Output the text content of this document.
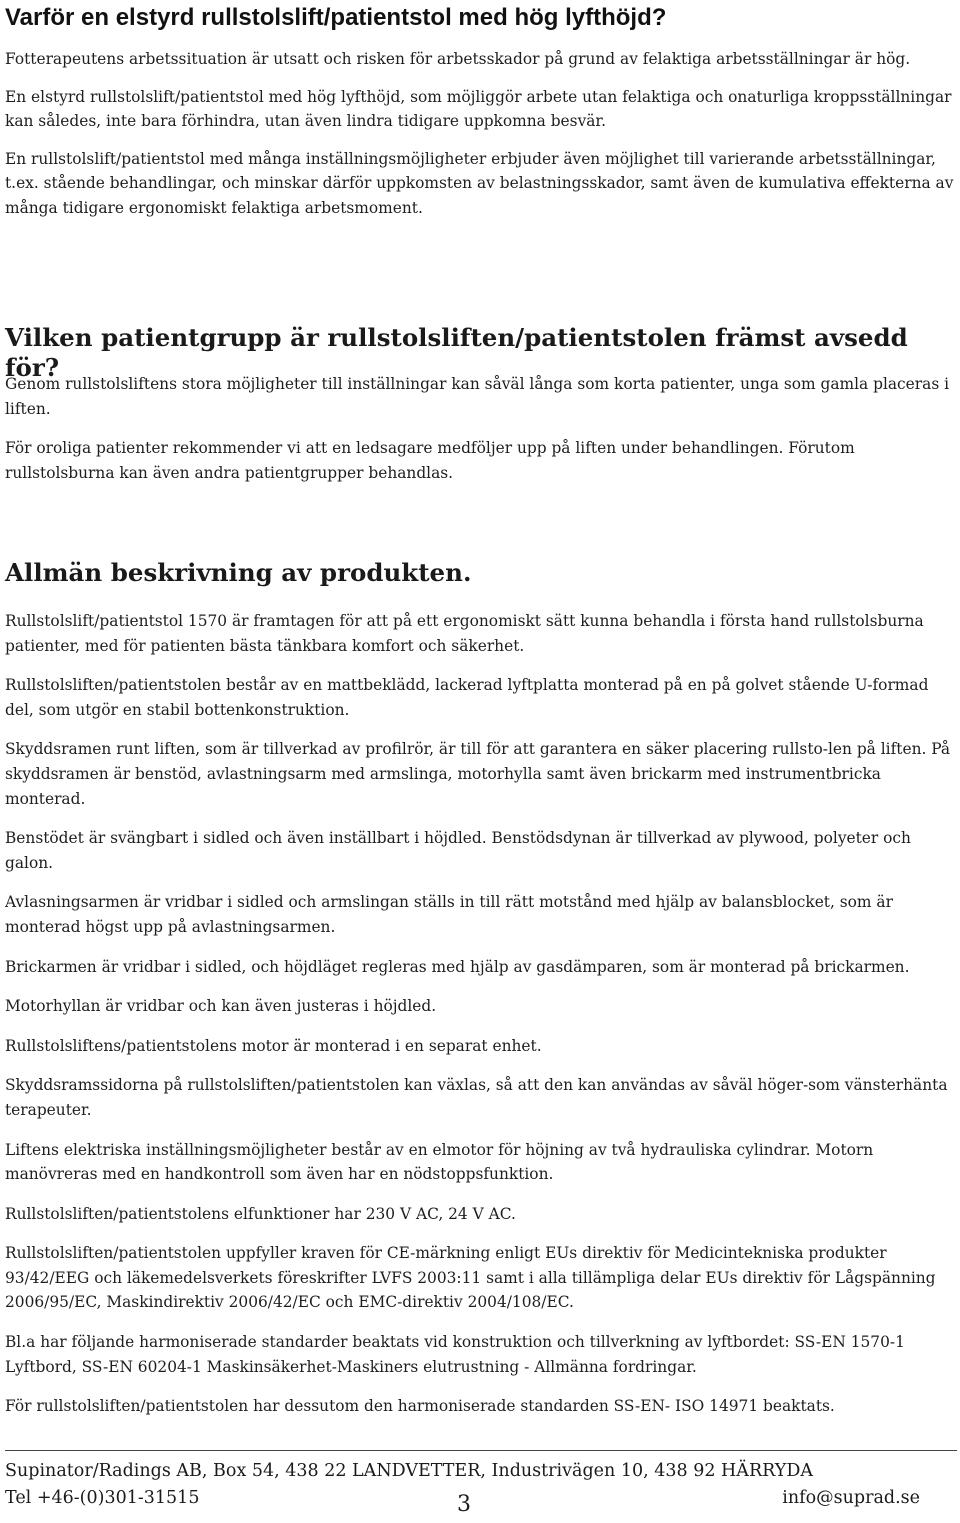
Varför en elstyrd rullstolslift/patientstol med hög lyfthöjd?

Fotterapeutens arbetssituation är utsatt och risken för arbetsskador på grund av felaktiga arbetsställningar är hög.

En elstyrd rullstolslift/patientstol med hög lyfthöjd, som möjliggör arbete utan felaktiga och onaturliga kroppsställningar kan således, inte bara förhindra, utan även lindra tidigare uppkomna besvär.

En rullstolslift/patientstol med många inställningsmöjligheter erbjuder även möjlighet till varierande arbetsställningar, t.ex. stående behandlingar, och minskar därför uppkomsten av belastningsskador, samt även de kumulativa effekterna av många tidigare ergonomiskt felaktiga arbetsmoment.

Vilken patientgrupp är rullstolsliften/patientstolen främst avsedd för?

Genom rullstolsliftens stora möjligheter till inställningar kan såväl långa som korta patienter, unga som gamla placeras i liften.

För oroliga patienter rekommender vi att en ledsagare medföljer upp på liften under behandlingen. Förutom rullstolsburna kan även andra patientgrupper behandlas.

Allmän beskrivning av produkten.

Rullstolslift/patientstol 1570 är framtagen för att på ett ergonomiskt sätt kunna behandla i första hand rullstolsburna patienter, med för patienten bästa tänkbara komfort och säkerhet.

Rullstolsliften/patientstolen består av en mattbeklädd, lackerad lyftplatta monterad på en på golvet stående U-formad del, som utgör en stabil bottenkonstruktion.

Skyddsramen runt liften, som är tillverkad av profilrör, är till för att garantera en säker placering rullsto-len på liften. På skyddsramen är benstöd, avlastningsarm med armslinga, motorhylla samt även brickarm med instrumentbricka monterad.

Benstödet är svängbart i sidled och även inställbart i höjdled. Benstödsdynan är tillverkad av plywood, polyeter och galon.

Avlasningsarmen är vridbar i sidled och armslingan ställs in till rätt motstånd med hjälp av balansblocket, som är monterad högst upp på avlastningsarmen.

Brickarmen är vridbar i sidled, och höjdläget regleras med hjälp av gasdämparen, som är monterad på brickarmen.

Motorhyllan är vridbar och kan även justeras i höjdled.

Rullstolsliftens/patientstolens motor är monterad i en separat enhet.

Skyddsramssidorna på rullstolsliften/patientstolen kan växlas, så att den kan användas av såväl höger-som vänsterhänta terapeuter.

Liftens elektriska inställningsmöjligheter består av en elmotor för höjning av två hydrauliska cylindrar. Motorn manövreras med en handkontroll som även har en nödstoppsfunktion.

Rullstolsliften/patientstolens elfunktioner har 230 V AC, 24 V AC.

Rullstolsliften/patientstolen uppfyller kraven för CE-märkning enligt EUs direktiv för Medicintekniska produkter 93/42/EEG och läkemedelsverkets föreskrifter LVFS 2003:11 samt i alla tillämpliga delar EUs direktiv för Lågspänning 2006/95/EC, Maskindirektiv 2006/42/EC och EMC-direktiv 2004/108/EC.

Bl.a har följande harmoniserade standarder beaktats vid konstruktion och tillverkning av lyftbordet: SS-EN 1570-1 Lyftbord, SS-EN 60204-1 Maskinsäkerhet-Maskiners elutrustning - Allmänna fordringar.

För rullstolsliften/patientstolen har dessutom den harmoniserade standarden SS-EN- ISO 14971 beaktats.

Supinator/Radings AB, Box 54, 438 22 LANDVETTER, Industrivägen 10, 438 92 HÄRRYDA
Tel +46-(0)301-31515	info@suprad.se
3
